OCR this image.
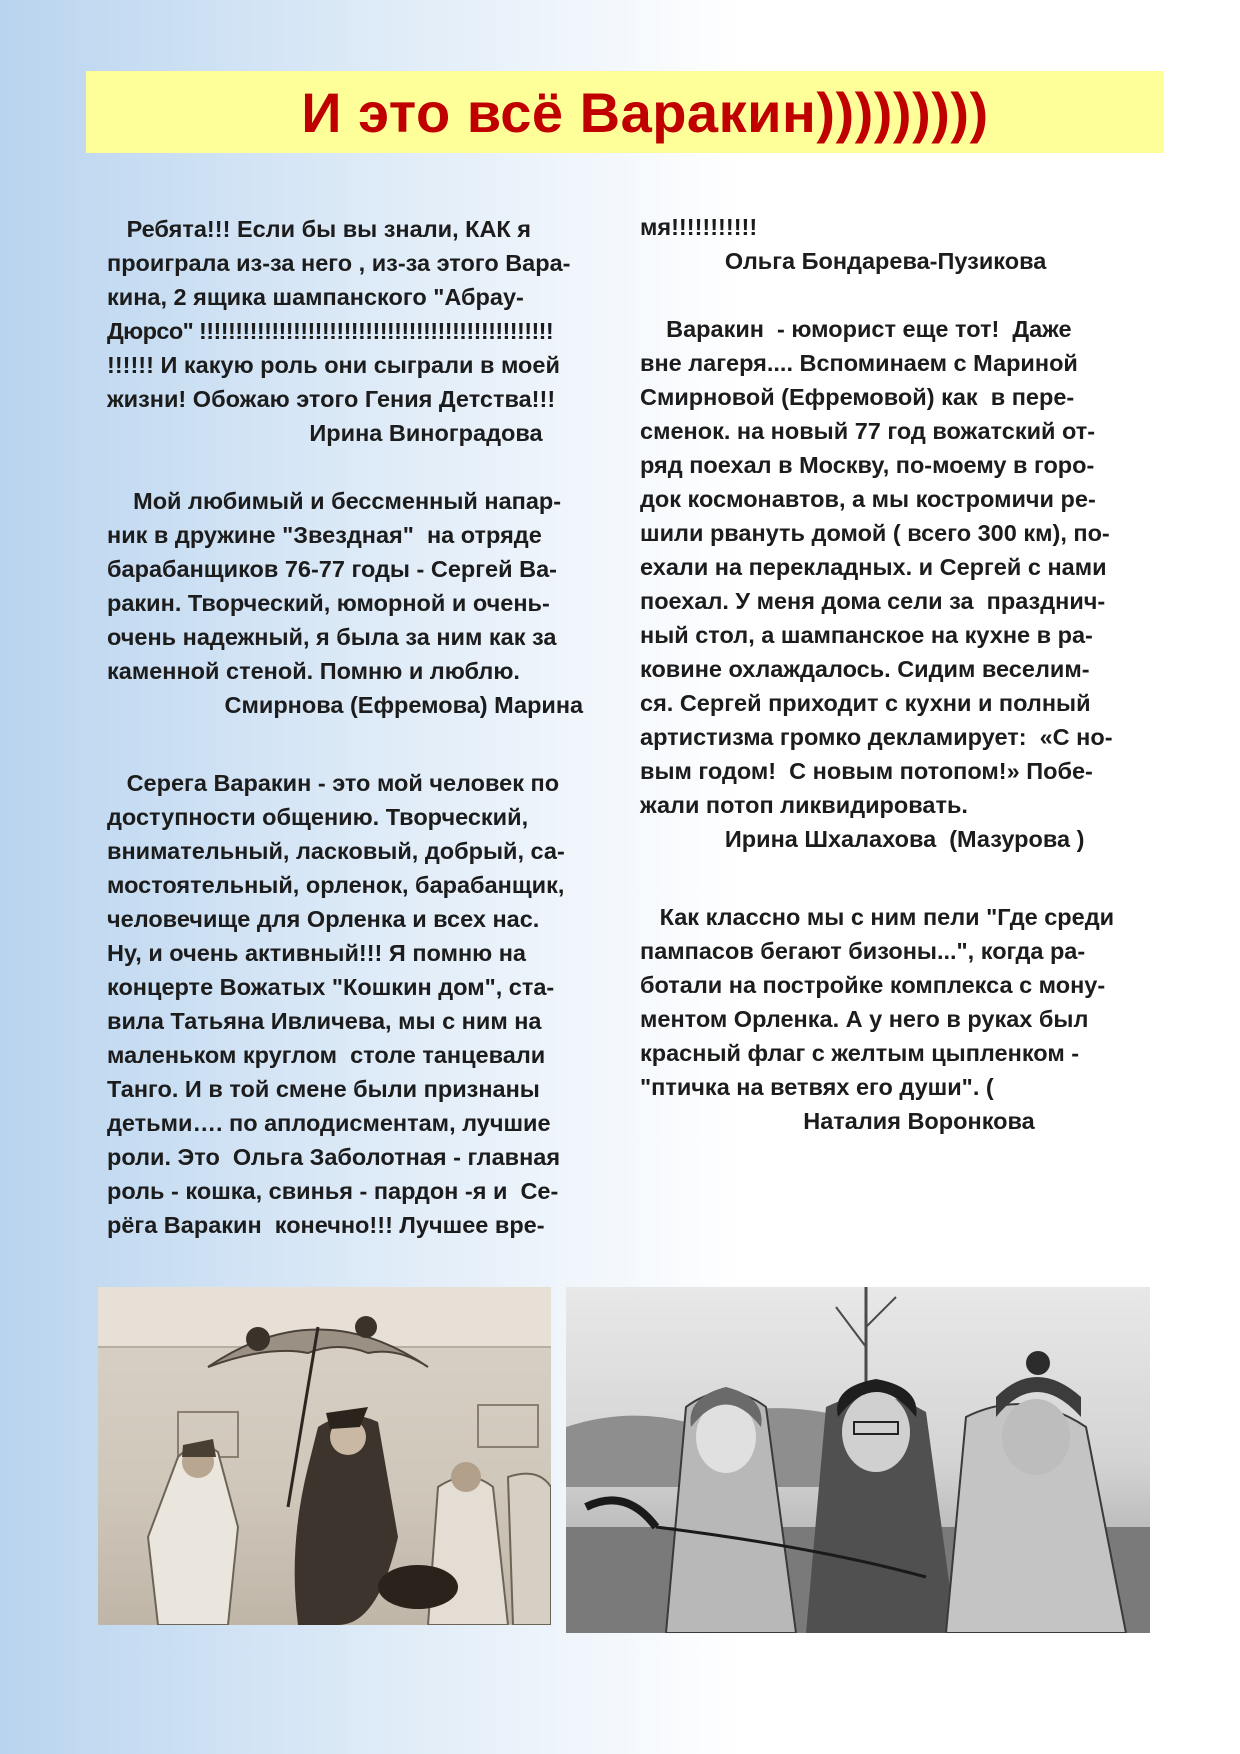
И это всё Варакин)))))))))
Ребята!!! Если бы вы знали, КАК я
проиграла из-за него , из-за этого Вара-
кина, 2 ящика шампанского "Абрау-
Дюрсо" !!!!!!!!!!!!!!!!!!!!!!!!!!!!!!!!!!!!!!!!!!!!!!!!!
!!!!!! И какую роль они сыграли в моей
жизни! Обожаю этого Гения Детства!!!
Ирина Виноградова
Мой любимый и бессменный напар-
ник в дружине "Звездная"  на отряде
барабанщиков 76-77 годы - Сергей Ва-
ракин. Творческий, юморной и очень-
очень надежный, я была за ним как за
каменной стеной. Помню и люблю.
Смирнова (Ефремова) Марина
Серега Варакин - это мой человек по
доступности общению. Творческий,
внимательный, ласковый, добрый, са-
мостоятельный, орленок, барабанщик,
человечище для Орленка и всех нас.
Ну, и очень активный!!! Я помню на
концерте Вожатых "Кошкин дом", ста-
вила Татьяна Ивличева, мы с ним на
маленьком круглом  столе танцевали
Танго. И в той смене были признаны
детьми…. по аплодисментам, лучшие
роли. Это  Ольга Заболотная - главная
роль - кошка, свинья - пардон -я и  Се-
рёга Варакин  конечно!!! Лучшее вре-
мя!!!!!!!!!!!
Ольга Бондарева-Пузикова
Варакин  - юморист еще тот!  Даже
вне лагеря.... Вспоминаем с Мариной
Смирновой (Ефремовой) как  в пере-
сменок. на новый 77 год вожатский от-
ряд поехал в Москву, по-моему в горо-
док космонавтов, а мы костромичи ре-
шили рвануть домой ( всего 300 км), по-
ехали на перекладных. и Сергей с нами
поехал. У меня дома сели за  празднич-
ный стол, а шампанское на кухне в ра-
ковине охлаждалось. Сидим веселим-
ся. Сергей приходит с кухни и полный
артистизма громко декламирует:  «С но-
вым годом!  С новым потопом!» Побе-
жали потоп ликвидировать.
Ирина Шхалахова  (Мазурова )
Как классно мы с ним пели "Где среди
пампасов бегают бизоны...", когда ра-
ботали на постройке комплекса с мону-
ментом Орленка. А у него в руках был
красный флаг с желтым цыпленком -
"птичка на ветвях его души". (
Наталия Воронкова
